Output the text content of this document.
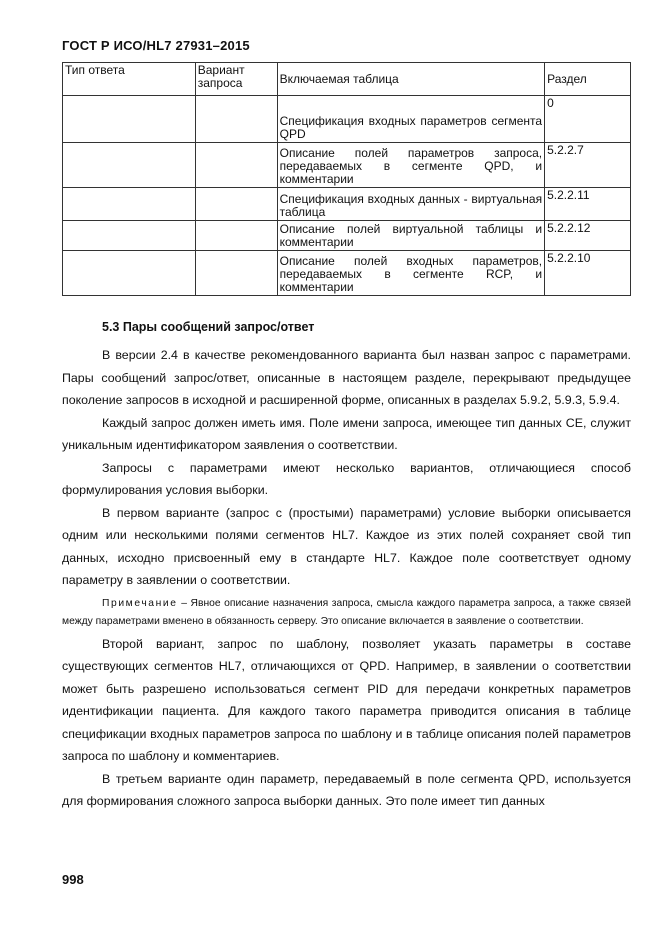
ГОСТ Р ИСО/HL7 27931–2015
Тип ответа	Вариант запроса	Включаемая таблица	Раздел
		Спецификация входных параметров сегмента QPD	0
		Описание полей параметров запроса, передаваемых в сегменте QPD, и комментарии	5.2.2.7
		Спецификация входных данных - виртуальная таблица	5.2.2.11
		Описание полей виртуальной таблицы и комментарии	5.2.2.12
		Описание полей входных параметров, передаваемых в сегменте RCP, и комментарии	5.2.2.10
5.3 Пары сообщений запрос/ответ

В версии 2.4 в качестве рекомендованного варианта был назван запрос с параметрами. Пары сообщений запрос/ответ, описанные в настоящем разделе, перекрывают предыдущее поколение запросов в исходной и расширенной форме, описанных в разделах 5.9.2, 5.9.3, 5.9.4.

Каждый запрос должен иметь имя. Поле имени запроса, имеющее тип данных CE, служит уникальным идентификатором заявления о соответствии.

Запросы с параметрами имеют несколько вариантов, отличающиеся способ формулирования условия выборки.

В первом варианте (запрос с (простыми) параметрами) условие выборки описывается одним или несколькими полями сегментов HL7. Каждое из этих полей сохраняет свой тип данных, исходно присвоенный ему в стандарте HL7. Каждое поле соответствует одному параметру в заявлении о соответствии.

Примечание – Явное описание назначения запроса, смысла каждого параметра запроса, а также связей между параметрами вменено в обязанность серверу. Это описание включается в заявление о соответствии.

Второй вариант, запрос по шаблону, позволяет указать параметры в составе существующих сегментов HL7, отличающихся от QPD. Например, в заявлении о соответствии может быть разрешено использоваться сегмент PID для передачи конкретных параметров идентификации пациента. Для каждого такого параметра приводится описания в таблице спецификации входных параметров запроса по шаблону и в таблице описания полей параметров запроса по шаблону и комментариев.

В третьем варианте один параметр, передаваемый в поле сегмента QPD, используется для формирования сложного запроса выборки данных. Это поле имеет тип данных

998
